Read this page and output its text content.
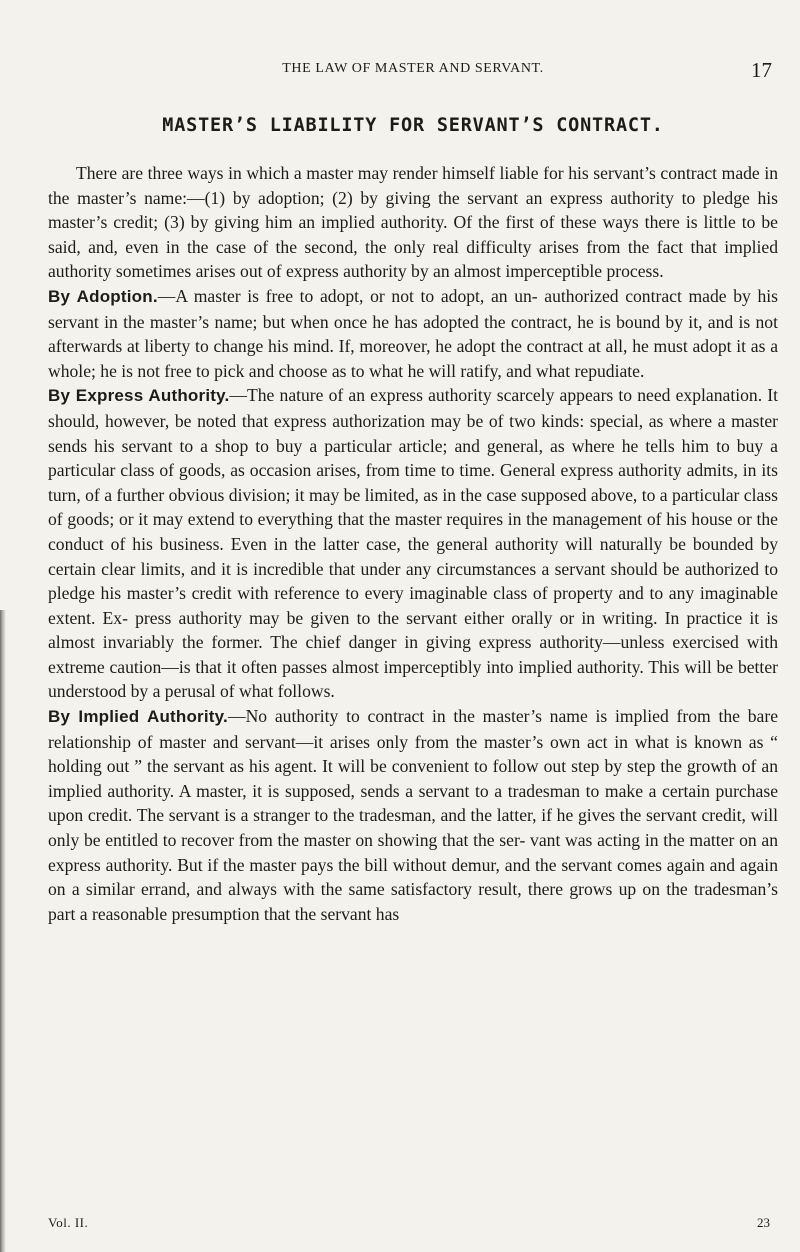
THE LAW OF MASTER AND SERVANT.	17
MASTER’S LIABILITY FOR SERVANT’S CONTRACT.

There are three ways in which a master may render himself liable for his servant’s contract made in the master’s name:—(1) by adoption; (2) by giving the servant an express authority to pledge his master’s credit; (3) by giving him an implied authority. Of the first of these ways there is little to be said, and, even in the case of the second, the only real difficulty arises from the fact that implied authority sometimes arises out of express authority by an almost imperceptible process.

By Adoption.—A master is free to adopt, or not to adopt, an un- authorized contract made by his servant in the master’s name; but when once he has adopted the contract, he is bound by it, and is not afterwards at liberty to change his mind. If, moreover, he adopt the contract at all, he must adopt it as a whole; he is not free to pick and choose as to what he will ratify, and what repudiate.

By Express Authority.—The nature of an express authority scarcely appears to need explanation. It should, however, be noted that express authorization may be of two kinds: special, as where a master sends his servant to a shop to buy a particular article; and general, as where he tells him to buy a particular class of goods, as occasion arises, from time to time. General express authority admits, in its turn, of a further obvious division; it may be limited, as in the case supposed above, to a particular class of goods; or it may extend to everything that the master requires in the management of his house or the conduct of his business. Even in the latter case, the general authority will naturally be bounded by certain clear limits, and it is incredible that under any circumstances a servant should be authorized to pledge his master’s credit with reference to every imaginable class of property and to any imaginable extent. Ex- press authority may be given to the servant either orally or in writing. In practice it is almost invariably the former. The chief danger in giving express authority—unless exercised with extreme caution—is that it often passes almost imperceptibly into implied authority. This will be better understood by a perusal of what follows.

By Implied Authority.—No authority to contract in the master’s name is implied from the bare relationship of master and servant—it arises only from the master’s own act in what is known as “ holding out ” the servant as his agent. It will be convenient to follow out step by step the growth of an implied authority. A master, it is supposed, sends a servant to a tradesman to make a certain purchase upon credit. The servant is a stranger to the tradesman, and the latter, if he gives the servant credit, will only be entitled to recover from the master on showing that the ser- vant was acting in the matter on an express authority. But if the master pays the bill without demur, and the servant comes again and again on a similar errand, and always with the same satisfactory result, there grows up on the tradesman’s part a reasonable presumption that the servant has

Vol. II.	23
